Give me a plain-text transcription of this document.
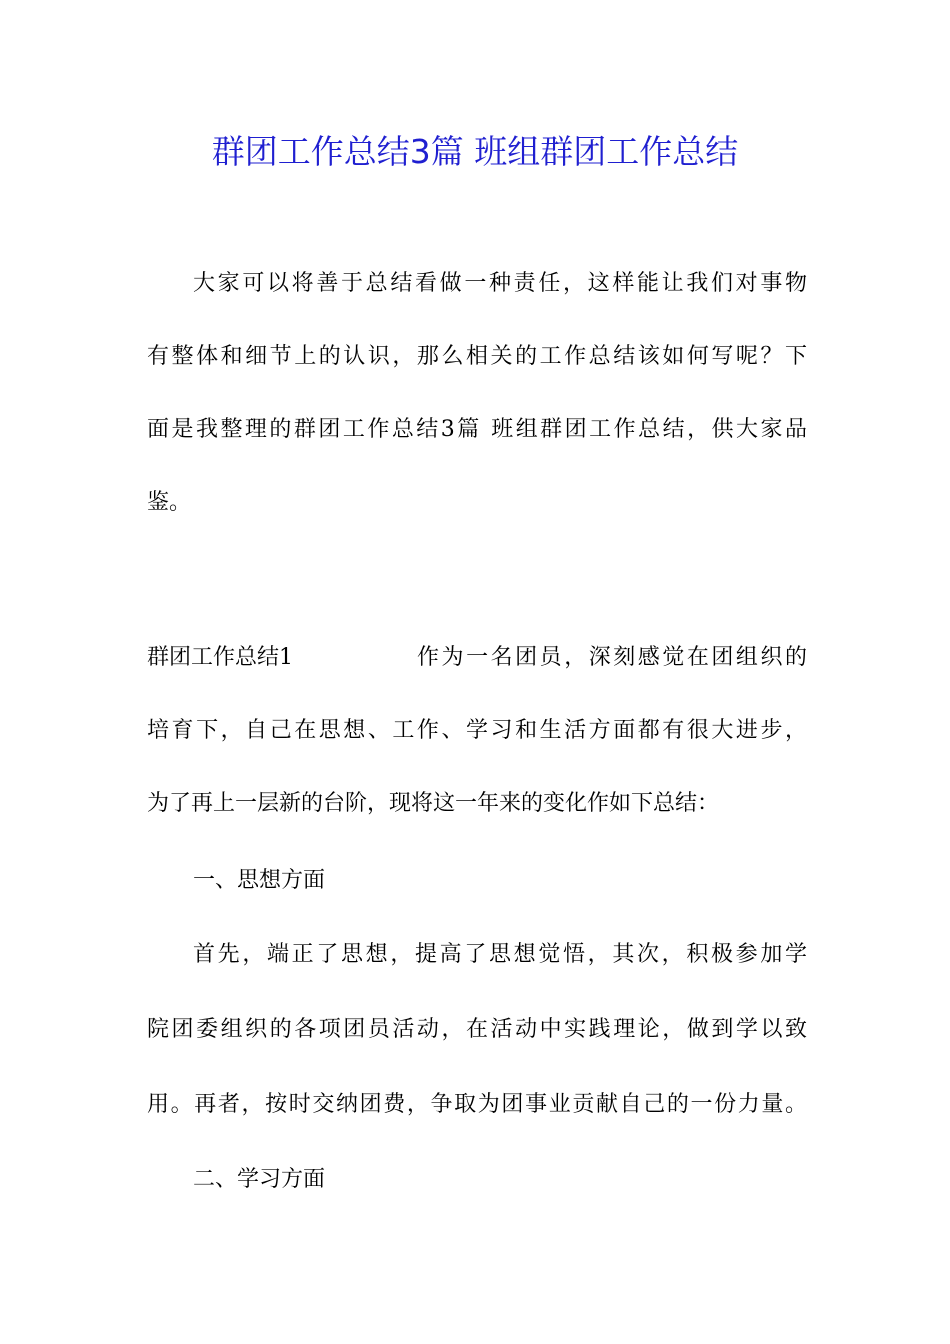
群团工作总结3篇 班组群团工作总结
大家可以将善于总结看做一种责任，这样能让我们对事物
有整体和细节上的认识，那么相关的工作总结该如何写呢？下
面是我整理的群团工作总结3篇 班组群团工作总结，供大家品
鉴。
群团工作总结1	作为一名团员，深刻感觉在团组织的
培育下，自己在思想、工作、学习和生活方面都有很大进步，
为了再上一层新的台阶，现将这一年来的变化作如下总结：
一、思想方面
首先，端正了思想，提高了思想觉悟，其次，积极参加学
院团委组织的各项团员活动，在活动中实践理论，做到学以致
用。再者，按时交纳团费，争取为团事业贡献自己的一份力量。
二、学习方面
